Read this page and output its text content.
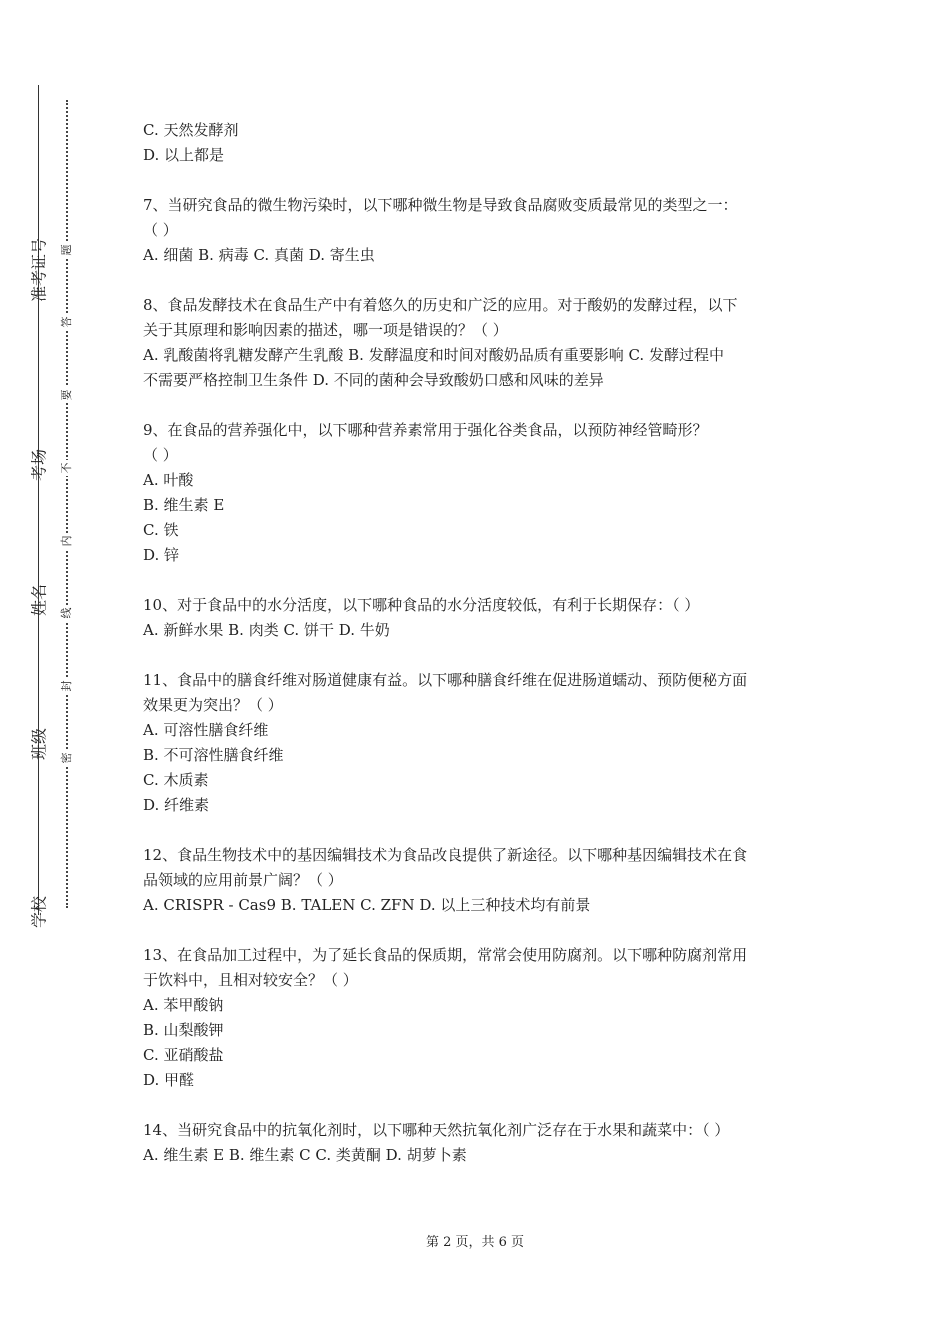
准考证号
考场
姓名
班级
学校
题
答
要
不
内
线
封
密
C. 天然发酵剂
D. 以上都是
7、当研究食品的微生物污染时，以下哪种微生物是导致食品腐败变质最常见的类型之一：
（ ）
A. 细菌 B. 病毒 C. 真菌 D. 寄生虫
8、食品发酵技术在食品生产中有着悠久的历史和广泛的应用。对于酸奶的发酵过程，以下
关于其原理和影响因素的描述，哪一项是错误的？（ ）
A. 乳酸菌将乳糖发酵产生乳酸 B. 发酵温度和时间对酸奶品质有重要影响 C. 发酵过程中
不需要严格控制卫生条件 D. 不同的菌种会导致酸奶口感和风味的差异
9、在食品的营养强化中，以下哪种营养素常用于强化谷类食品，以预防神经管畸形？
（ ）
A. 叶酸
B. 维生素 E
C. 铁
D. 锌
10、对于食品中的水分活度，以下哪种食品的水分活度较低，有利于长期保存：（ ）
A. 新鲜水果 B. 肉类 C. 饼干 D. 牛奶
11、食品中的膳食纤维对肠道健康有益。以下哪种膳食纤维在促进肠道蠕动、预防便秘方面
效果更为突出？（ ）
A. 可溶性膳食纤维
B. 不可溶性膳食纤维
C. 木质素
D. 纤维素
12、食品生物技术中的基因编辑技术为食品改良提供了新途径。以下哪种基因编辑技术在食
品领域的应用前景广阔？（ ）
A. CRISPR - Cas9 B. TALEN C. ZFN D. 以上三种技术均有前景
13、在食品加工过程中，为了延长食品的保质期，常常会使用防腐剂。以下哪种防腐剂常用
于饮料中，且相对较安全？（ ）
A. 苯甲酸钠
B. 山梨酸钾
C. 亚硝酸盐
D. 甲醛
14、当研究食品中的抗氧化剂时，以下哪种天然抗氧化剂广泛存在于水果和蔬菜中：（ ）
A. 维生素 E B. 维生素 C C. 类黄酮 D. 胡萝卜素
第 2 页，共 6 页
